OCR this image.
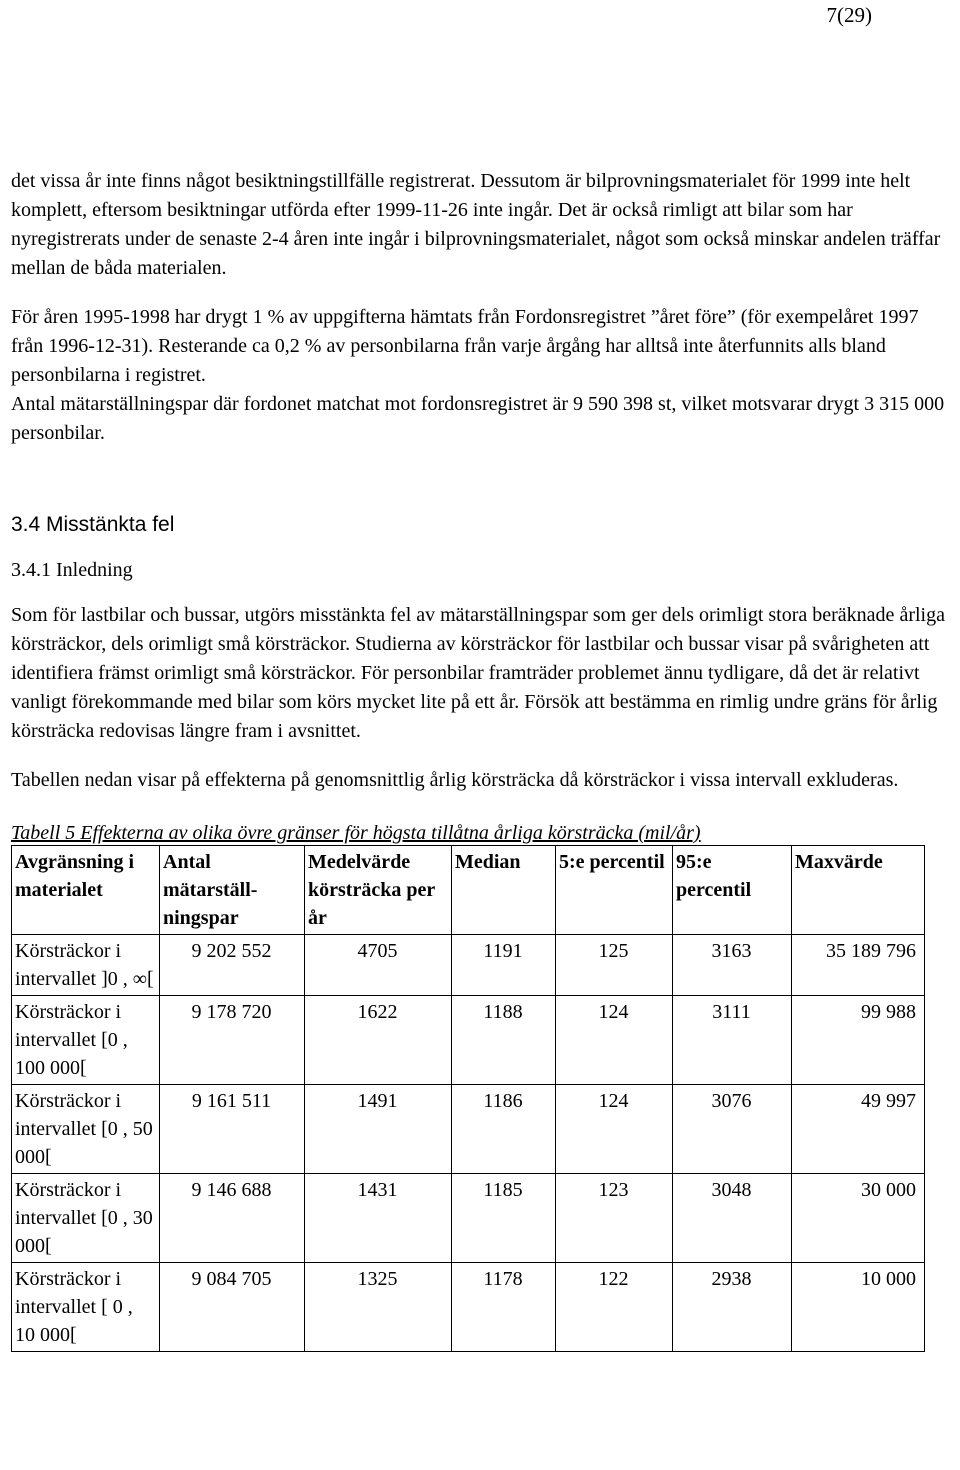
7(29)

det vissa år inte finns något besiktningstillfälle registrerat. Dessutom är bilprovningsmaterialet för 1999 inte helt komplett, eftersom besiktningar utförda efter 1999-11-26 inte ingår. Det är också rimligt att bilar som har nyregistrerats under de senaste 2-4 åren inte ingår i bilprovningsmaterialet, något som också minskar andelen träffar mellan de båda materialen.

För åren 1995-1998 har drygt 1 % av uppgifterna hämtats från Fordonsregistret ”året före” (för exempelåret 1997 från 1996-12-31). Resterande ca 0,2 % av personbilarna från varje årgång har alltså inte återfunnits alls bland personbilarna i registret.

Antal mätarställningspar där fordonet matchat mot fordonsregistret är 9 590 398 st, vilket motsvarar drygt 3 315 000 personbilar.

3.4 Misstänkta fel
3.4.1 Inledning

Som för lastbilar och bussar, utgörs misstänkta fel av mätarställningspar som ger dels orimligt stora beräknade årliga körsträckor, dels orimligt små körsträckor. Studierna av körsträckor för lastbilar och bussar visar på svårigheten att identifiera främst orimligt små körsträckor. För personbilar framträder problemet ännu tydligare, då det är relativt vanligt förekommande med bilar som körs mycket lite på ett år. Försök att bestämma en rimlig undre gräns för årlig körsträcka redovisas längre fram i avsnittet.

Tabellen nedan visar på effekterna på genomsnittlig årlig körsträcka då körsträckor i vissa intervall exkluderas.

Tabell 5 Effekterna av olika övre gränser för högsta tillåtna årliga körsträcka (mil/år)
Avgränsning i materialet	Antal mätarställ-ningspar	Medelvärde körsträcka per år	Median	5:e percentil	95:e percentil	Maxvärde
Körsträckor i intervallet ]0 , ∞[	9 202 552	4705	1191	125	3163	35 189 796
Körsträckor i intervallet [0 , 100 000[	9 178 720	1622	1188	124	3111	99 988
Körsträckor i intervallet [0 , 50 000[	9 161 511	1491	1186	124	3076	49 997
Körsträckor i intervallet [0 , 30 000[	9 146 688	1431	1185	123	3048	30 000
Körsträckor i intervallet [ 0 , 10 000[	9 084 705	1325	1178	122	2938	10 000
